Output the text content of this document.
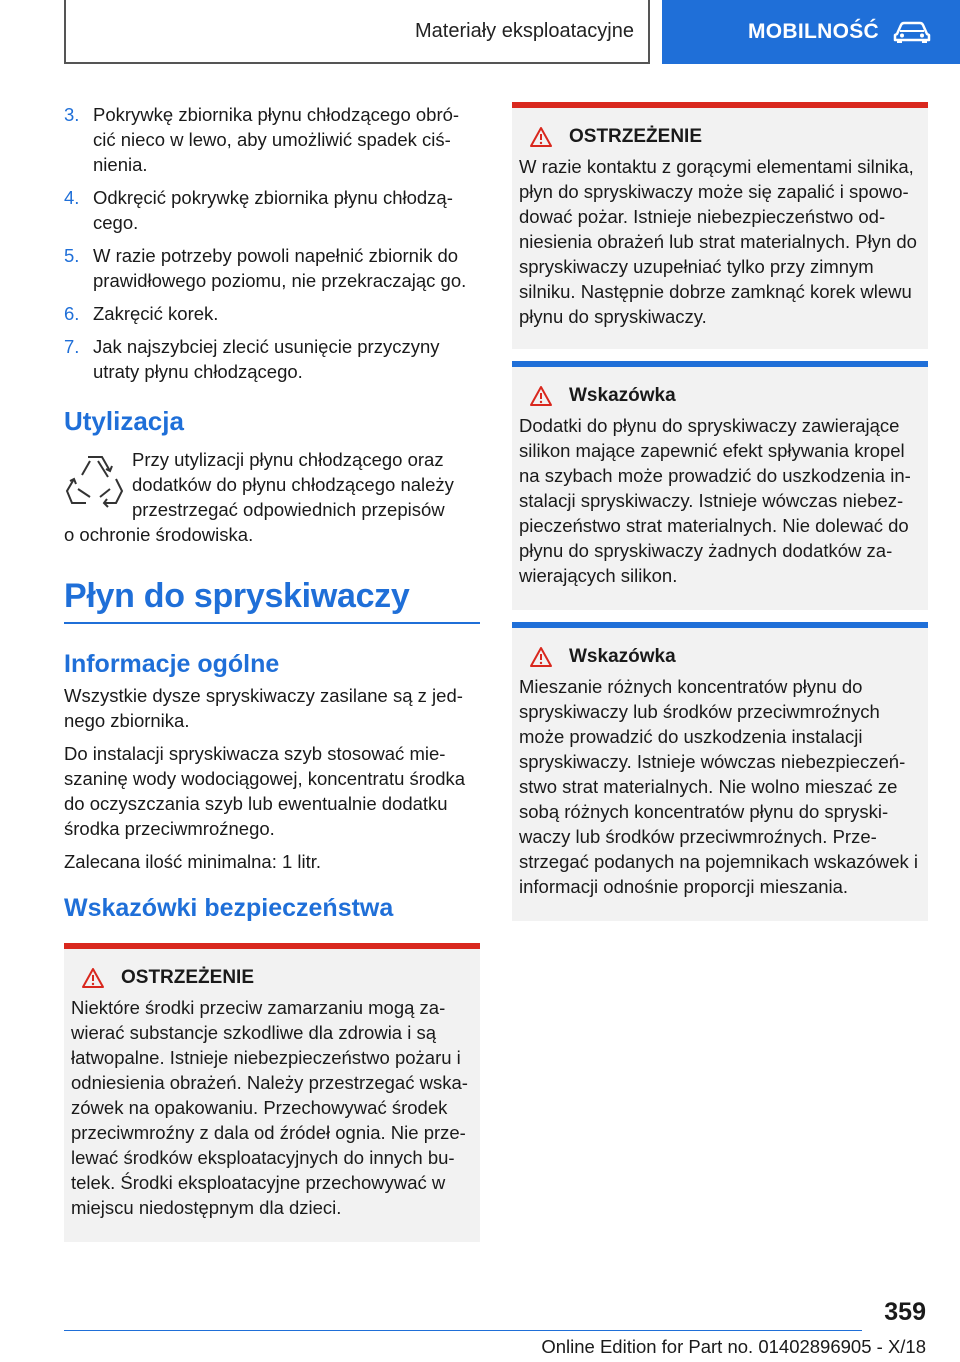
Materiały eksploatacyjne	MOBILNOŚĆ
3. Pokrywkę zbiornika płynu chłodzącego obró- cić nieco w lewo, aby umożliwić spadek ciś- nienia.
4. Odkręcić pokrywkę zbiornika płynu chłodzą- cego.
5. W razie potrzeby powoli napełnić zbiornik do prawidłowego poziomu, nie przekraczając go.
6. Zakręcić korek.
7. Jak najszybciej zlecić usunięcie przyczyny utraty płynu chłodzącego.
Utylizacja

Przy utylizacji płynu chłodzącego oraz dodatków do płynu chłodzącego należy przestrzegać odpowiednich przepisów

o ochronie środowiska.

Płyn do spryskiwaczy
Informacje ogólne

Wszystkie dysze spryskiwaczy zasilane są z jed- nego zbiornika.

Do instalacji spryskiwacza szyb stosować mie- szaninę wody wodociągowej, koncentratu środka do oczyszczania szyb lub ewentualnie dodatku środka przeciwmroźnego.

Zalecana ilość minimalna: 1 litr.

Wskazówki bezpieczeństwa
OSTRZEŻENIE

Niektóre środki przeciw zamarzaniu mogą za- wierać substancje szkodliwe dla zdrowia i są łatwopalne. Istnieje niebezpieczeństwo pożaru i odniesienia obrażeń. Należy przestrzegać wska- zówek na opakowaniu. Przechowywać środek przeciwmroźny z dala od źródeł ognia. Nie prze- lewać środków eksploatacyjnych do innych bu- telek. Środki eksploatacyjne przechowywać w miejscu niedostępnym dla dzieci.

OSTRZEŻENIE

W razie kontaktu z gorącymi elementami silnika, płyn do spryskiwaczy może się zapalić i spowo- dować pożar. Istnieje niebezpieczeństwo od- niesienia obrażeń lub strat materialnych. Płyn do spryskiwaczy uzupełniać tylko przy zimnym silniku. Następnie dobrze zamknąć korek wlewu płynu do spryskiwaczy.

Wskazówka

Dodatki do płynu do spryskiwaczy zawierające silikon mające zapewnić efekt spływania kropel na szybach może prowadzić do uszkodzenia in- stalacji spryskiwaczy. Istnieje wówczas niebez- pieczeństwo strat materialnych. Nie dolewać do płynu do spryskiwaczy żadnych dodatków za- wierających silikon.

Wskazówka

Mieszanie różnych koncentratów płynu do spryskiwaczy lub środków przeciwmroźnych może prowadzić do uszkodzenia instalacji spryskiwaczy. Istnieje wówczas niebezpieczeń- stwo strat materialnych. Nie wolno mieszać ze sobą różnych koncentratów płynu do spryski- waczy lub środków przeciwmroźnych. Prze- strzegać podanych na pojemnikach wskazówek i informacji odnośnie proporcji mieszania.

359
Online Edition for Part no. 01402896905 - X/18
